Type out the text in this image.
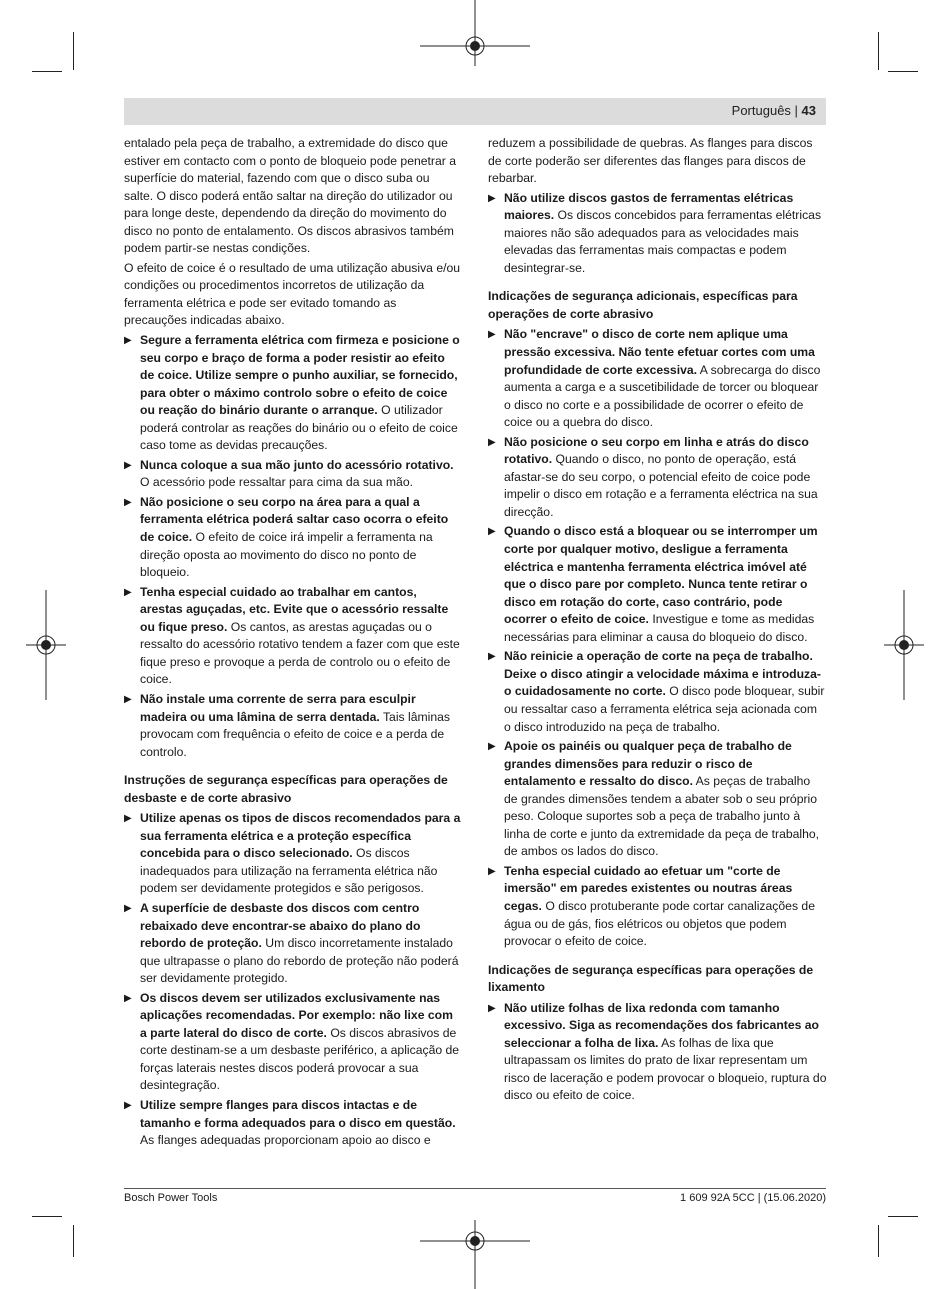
Português | 43

entalado pela peça de trabalho, a extremidade do disco que estiver em contacto com o ponto de bloqueio pode penetrar a superfície do material, fazendo com que o disco suba ou salte. O disco poderá então saltar na direção do utilizador ou para longe deste, dependendo da direção do movimento do disco no ponto de entalamento. Os discos abrasivos também podem partir-se nestas condições.

O efeito de coice é o resultado de uma utilização abusiva e/ou condições ou procedimentos incorretos de utilização da ferramenta elétrica e pode ser evitado tomando as precauções indicadas abaixo.

▶ Segure a ferramenta elétrica com firmeza e posicione o seu corpo e braço de forma a poder resistir ao efeito de coice. Utilize sempre o punho auxiliar, se fornecido, para obter o máximo controlo sobre o efeito de coice ou reação do binário durante o arranque. O utilizador poderá controlar as reações do binário ou o efeito de coice caso tome as devidas precauções.
▶ Nunca coloque a sua mão junto do acessório rotativo. O acessório pode ressaltar para cima da sua mão.
▶ Não posicione o seu corpo na área para a qual a ferramenta elétrica poderá saltar caso ocorra o efeito de coice. O efeito de coice irá impelir a ferramenta na direção oposta ao movimento do disco no ponto de bloqueio.
▶ Tenha especial cuidado ao trabalhar em cantos, arestas aguçadas, etc. Evite que o acessório ressalte ou fique preso. Os cantos, as arestas aguçadas ou o ressalto do acessório rotativo tendem a fazer com que este fique preso e provoque a perda de controlo ou o efeito de coice.
▶ Não instale uma corrente de serra para esculpir madeira ou uma lâmina de serra dentada. Tais lâminas provocam com frequência o efeito de coice e a perda de controlo.
Instruções de segurança específicas para operações de desbaste e de corte abrasivo
▶ Utilize apenas os tipos de discos recomendados para a sua ferramenta elétrica e a proteção específica concebida para o disco selecionado. Os discos inadequados para utilização na ferramenta elétrica não podem ser devidamente protegidos e são perigosos.
▶ A superfície de desbaste dos discos com centro rebaixado deve encontrar-se abaixo do plano do rebordo de proteção. Um disco incorretamente instalado que ultrapasse o plano do rebordo de proteção não poderá ser devidamente protegido.
▶ Os discos devem ser utilizados exclusivamente nas aplicações recomendadas. Por exemplo: não lixe com a parte lateral do disco de corte. Os discos abrasivos de corte destinam-se a um desbaste periférico, a aplicação de forças laterais nestes discos poderá provocar a sua desintegração.
▶ Utilize sempre flanges para discos intactas e de tamanho e forma adequados para o disco em questão. As flanges adequadas proporcionam apoio ao disco e

reduzem a possibilidade de quebras. As flanges para discos de corte poderão ser diferentes das flanges para discos de rebarbar.

▶ Não utilize discos gastos de ferramentas elétricas maiores. Os discos concebidos para ferramentas elétricas maiores não são adequados para as velocidades mais elevadas das ferramentas mais compactas e podem desintegrar-se.
Indicações de segurança adicionais, específicas para operações de corte abrasivo
▶ Não "encrave" o disco de corte nem aplique uma pressão excessiva. Não tente efetuar cortes com uma profundidade de corte excessiva. A sobrecarga do disco aumenta a carga e a suscetibilidade de torcer ou bloquear o disco no corte e a possibilidade de ocorrer o efeito de coice ou a quebra do disco.
▶ Não posicione o seu corpo em linha e atrás do disco rotativo. Quando o disco, no ponto de operação, está afastar-se do seu corpo, o potencial efeito de coice pode impelir o disco em rotação e a ferramenta eléctrica na sua direcção.
▶ Quando o disco está a bloquear ou se interromper um corte por qualquer motivo, desligue a ferramenta eléctrica e mantenha ferramenta eléctrica imóvel até que o disco pare por completo. Nunca tente retirar o disco em rotação do corte, caso contrário, pode ocorrer o efeito de coice. Investigue e tome as medidas necessárias para eliminar a causa do bloqueio do disco.
▶ Não reinicie a operação de corte na peça de trabalho. Deixe o disco atingir a velocidade máxima e introduza-o cuidadosamente no corte. O disco pode bloquear, subir ou ressaltar caso a ferramenta elétrica seja acionada com o disco introduzido na peça de trabalho.
▶ Apoie os painéis ou qualquer peça de trabalho de grandes dimensões para reduzir o risco de entalamento e ressalto do disco. As peças de trabalho de grandes dimensões tendem a abater sob o seu próprio peso. Coloque suportes sob a peça de trabalho junto à linha de corte e junto da extremidade da peça de trabalho, de ambos os lados do disco.
▶ Tenha especial cuidado ao efetuar um "corte de imersão" em paredes existentes ou noutras áreas cegas. O disco protuberante pode cortar canalizações de água ou de gás, fios elétricos ou objetos que podem provocar o efeito de coice.
Indicações de segurança específicas para operações de lixamento
▶ Não utilize folhas de lixa redonda com tamanho excessivo. Siga as recomendações dos fabricantes ao seleccionar a folha de lixa. As folhas de lixa que ultrapassam os limites do prato de lixar representam um risco de laceração e podem provocar o bloqueio, ruptura do disco ou efeito de coice.
Bosch Power Tools	1 609 92A 5CC | (15.06.2020)
